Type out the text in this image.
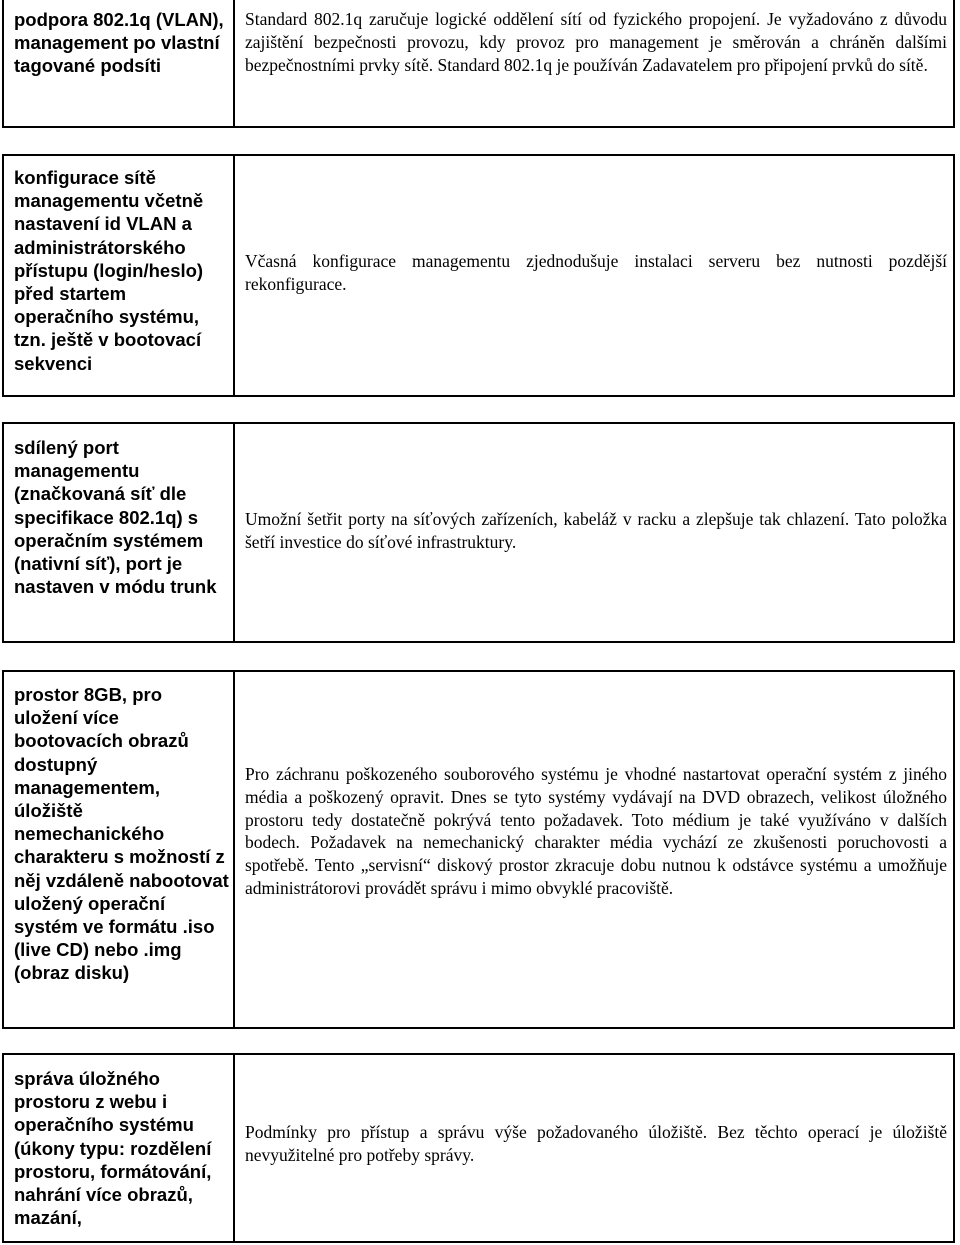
podpora 802.1q (VLAN), management po vlastní tagované podsíti
Standard 802.1q zaručuje logické oddělení sítí od fyzického propojení. Je vyžadováno z důvodu zajištění bezpečnosti provozu, kdy provoz pro management je směrován a chráněn dalšími bezpečnostními prvky sítě. Standard 802.1q je používán Zadavatelem pro připojení prvků do sítě.
konfigurace sítě managementu včetně nastavení id VLAN a administrátorského přístupu (login/heslo) před startem operačního systému, tzn. ještě v bootovací sekvenci
Včasná konfigurace managementu zjednodušuje instalaci serveru bez nutnosti pozdější rekonfigurace.
sdílený port managementu (značkovaná síť dle specifikace 802.1q) s operačním systémem (nativní síť), port je nastaven v módu trunk
Umožní šetřit porty na síťových zařízeních, kabeláž v racku a zlepšuje tak chlazení. Tato položka šetří investice do síťové infrastruktury.
prostor 8GB, pro uložení více bootovacích obrazů dostupný managementem, úložiště nemechanického charakteru s možností z něj vzdáleně nabootovat uložený operační systém ve formátu .iso (live CD) nebo .img (obraz disku)
Pro záchranu poškozeného souborového systému je vhodné nastartovat operační systém z jiného média a poškozený opravit. Dnes se tyto systémy vydávají na DVD obrazech, velikost úložného prostoru tedy dostatečně pokrývá tento požadavek. Toto médium je také využíváno v dalších bodech. Požadavek na nemechanický charakter média vychází ze zkušenosti poruchovosti a spotřebě. Tento „servisní“ diskový prostor zkracuje dobu nutnou k odstávce systému a umožňuje administrátorovi provádět správu i mimo obvyklé pracoviště.
správa úložného prostoru z webu i operačního systému (úkony typu: rozdělení prostoru, formátování, nahrání více obrazů, mazání,
Podmínky pro přístup a správu výše požadovaného úložiště. Bez těchto operací je úložiště nevyužitelné pro potřeby správy.
